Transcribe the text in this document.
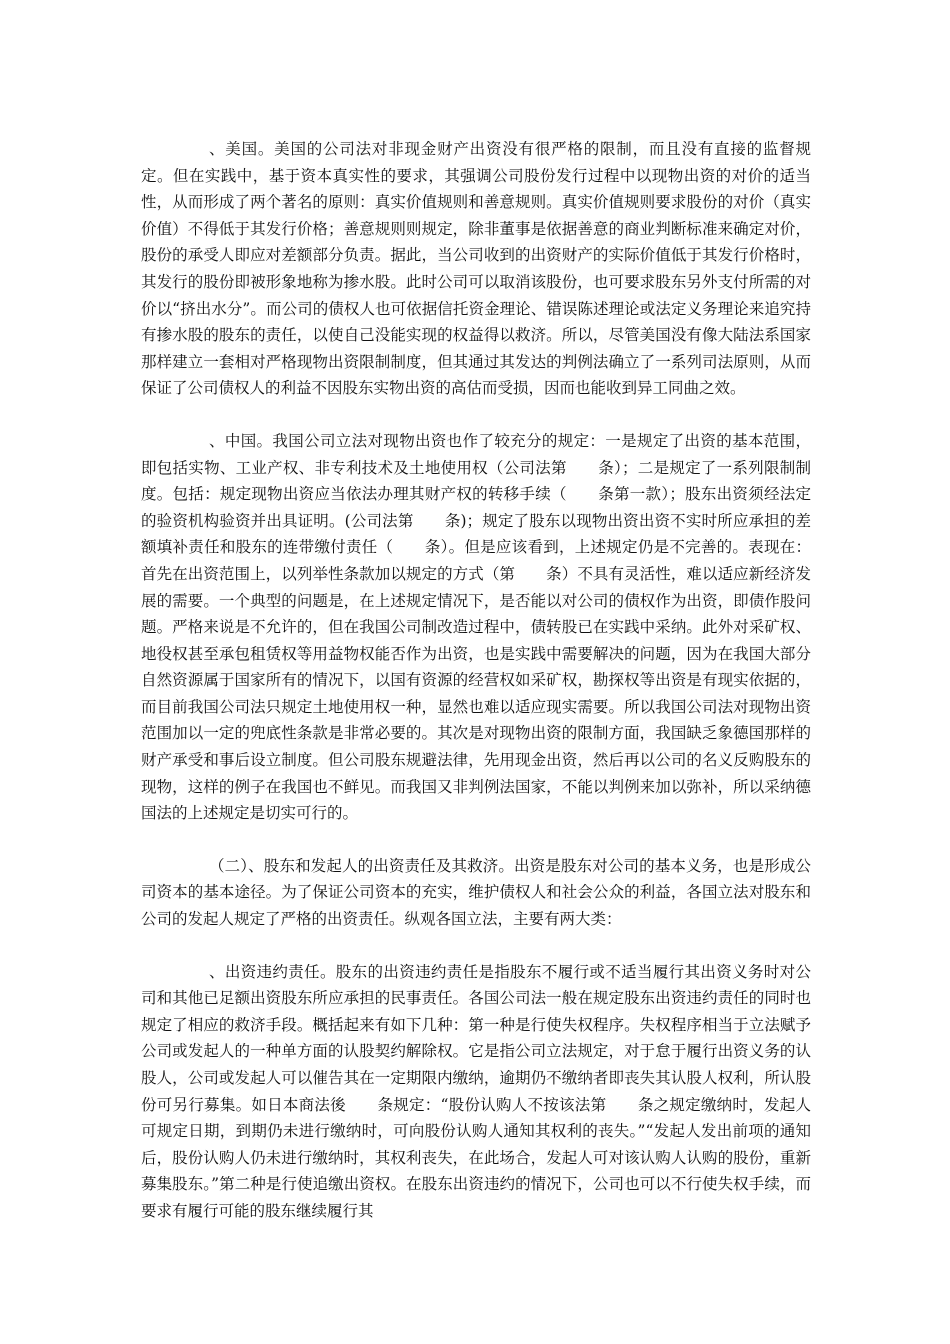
、美国。美国的公司法对非现金财产出资没有很严格的限制，而且没有直接的监督规定。但在实践中，基于资本真实性的要求，其强调公司股份发行过程中以现物出资的对价的适当性，从而形成了两个著名的原则：真实价值规则和善意规则。真实价值规则要求股份的对价（真实价值）不得低于其发行价格；善意规则则规定，除非董事是依据善意的商业判断标准来确定对价，股份的承受人即应对差额部分负责。据此，当公司收到的出资财产的实际价值低于其发行价格时，其发行的股份即被形象地称为掺水股。此时公司可以取消该股份，也可要求股东另外支付所需的对价以“挤出水分”。而公司的债权人也可依据信托资金理论、错误陈述理论或法定义务理论来追究持有掺水股的股东的责任，以使自己没能实现的权益得以救济。所以，尽管美国没有像大陆法系国家那样建立一套相对严格现物出资限制制度，但其通过其发达的判例法确立了一系列司法原则，从而保证了公司债权人的利益不因股东实物出资的高估而受损，因而也能收到异工同曲之效。

、中国。我国公司立法对现物出资也作了较充分的规定：一是规定了出资的基本范围，即包括实物、工业产权、非专利技术及土地使用权（公司法第　　条）；二是规定了一系列限制制度。包括：规定现物出资应当依法办理其财产权的转移手续（　　条第一款）；股东出资须经法定的验资机构验资并出具证明。(公司法第　　条)；规定了股东以现物出资出资不实时所应承担的差额填补责任和股东的连带缴付责任（　　条）。但是应该看到，上述规定仍是不完善的。表现在：首先在出资范围上，以列举性条款加以规定的方式（第　　条）不具有灵活性，难以适应新经济发展的需要。一个典型的问题是，在上述规定情况下，是否能以对公司的债权作为出资，即债作股问题。严格来说是不允许的，但在我国公司制改造过程中，债转股已在实践中采纳。此外对采矿权、地役权甚至承包租赁权等用益物权能否作为出资，也是实践中需要解决的问题，因为在我国大部分自然资源属于国家所有的情况下，以国有资源的经营权如采矿权，勘探权等出资是有现实依据的，而目前我国公司法只规定土地使用权一种，显然也难以适应现实需要。所以我国公司法对现物出资范围加以一定的兜底性条款是非常必要的。其次是对现物出资的限制方面，我国缺乏象德国那样的财产承受和事后设立制度。但公司股东规避法律，先用现金出资，然后再以公司的名义反购股东的现物，这样的例子在我国也不鲜见。而我国又非判例法国家，不能以判例来加以弥补，所以采纳德国法的上述规定是切实可行的。

（二）、股东和发起人的出资责任及其救济。出资是股东对公司的基本义务，也是形成公司资本的基本途径。为了保证公司资本的充实，维护债权人和社会公众的利益，各国立法对股东和公司的发起人规定了严格的出资责任。纵观各国立法，主要有两大类：

、出资违约责任。股东的出资违约责任是指股东不履行或不适当履行其出资义务时对公司和其他已足额出资股东所应承担的民事责任。各国公司法一般在规定股东出资违约责任的同时也规定了相应的救济手段。概括起来有如下几种：第一种是行使失权程序。失权程序相当于立法赋予公司或发起人的一种单方面的认股契约解除权。它是指公司立法规定，对于怠于履行出资义务的认股人，公司或发起人可以催告其在一定期限内缴纳，逾期仍不缴纳者即丧失其认股人权利，所认股份可另行募集。如日本商法後　　条规定：“股份认购人不按该法第　　条之规定缴纳时，发起人可规定日期，到期仍未进行缴纳时，可向股份认购人通知其权利的丧失。”“发起人发出前项的通知后，股份认购人仍未进行缴纳时，其权利丧失，在此场合，发起人可对该认购人认购的股份，重新募集股东。”第二种是行使追缴出资权。在股东出资违约的情况下，公司也可以不行使失权手续，而要求有履行可能的股东继续履行其
